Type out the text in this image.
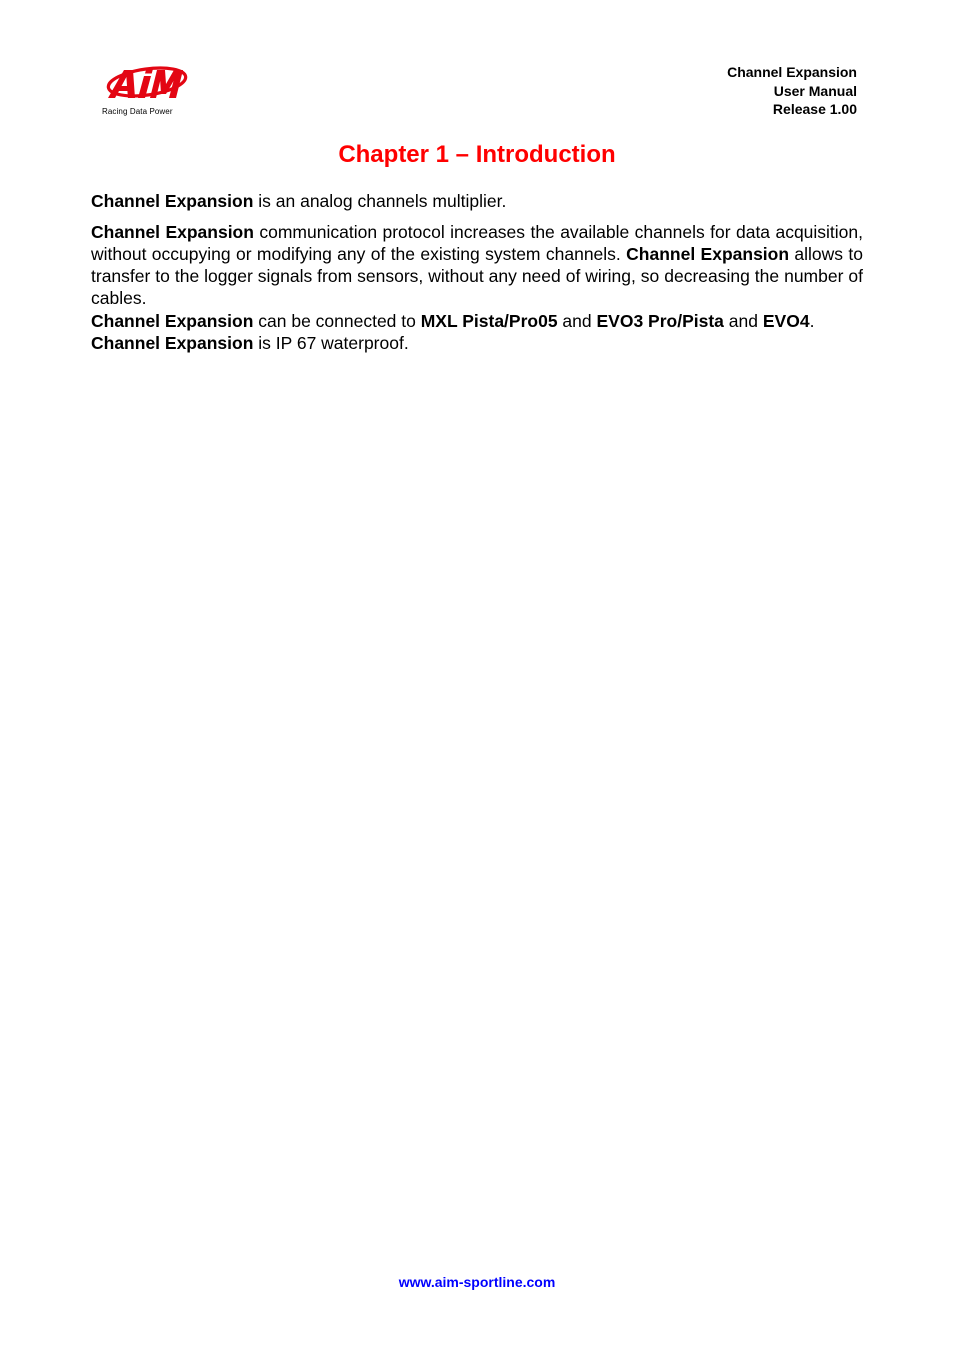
Racing Data Power
Channel Expansion
User Manual
Release 1.00
Chapter 1 – Introduction

Channel Expansion is an analog channels multiplier.

Channel Expansion communication protocol increases the available channels for data acquisition, without occupying or modifying any of the existing system channels. Channel Expansion allows to transfer to the logger signals from sensors, without any need of wiring, so decreasing the number of cables.

Channel Expansion can be connected to MXL Pista/Pro05 and EVO3 Pro/Pista and EVO4.

Channel Expansion is IP 67 waterproof.

www.aim-sportline.com
